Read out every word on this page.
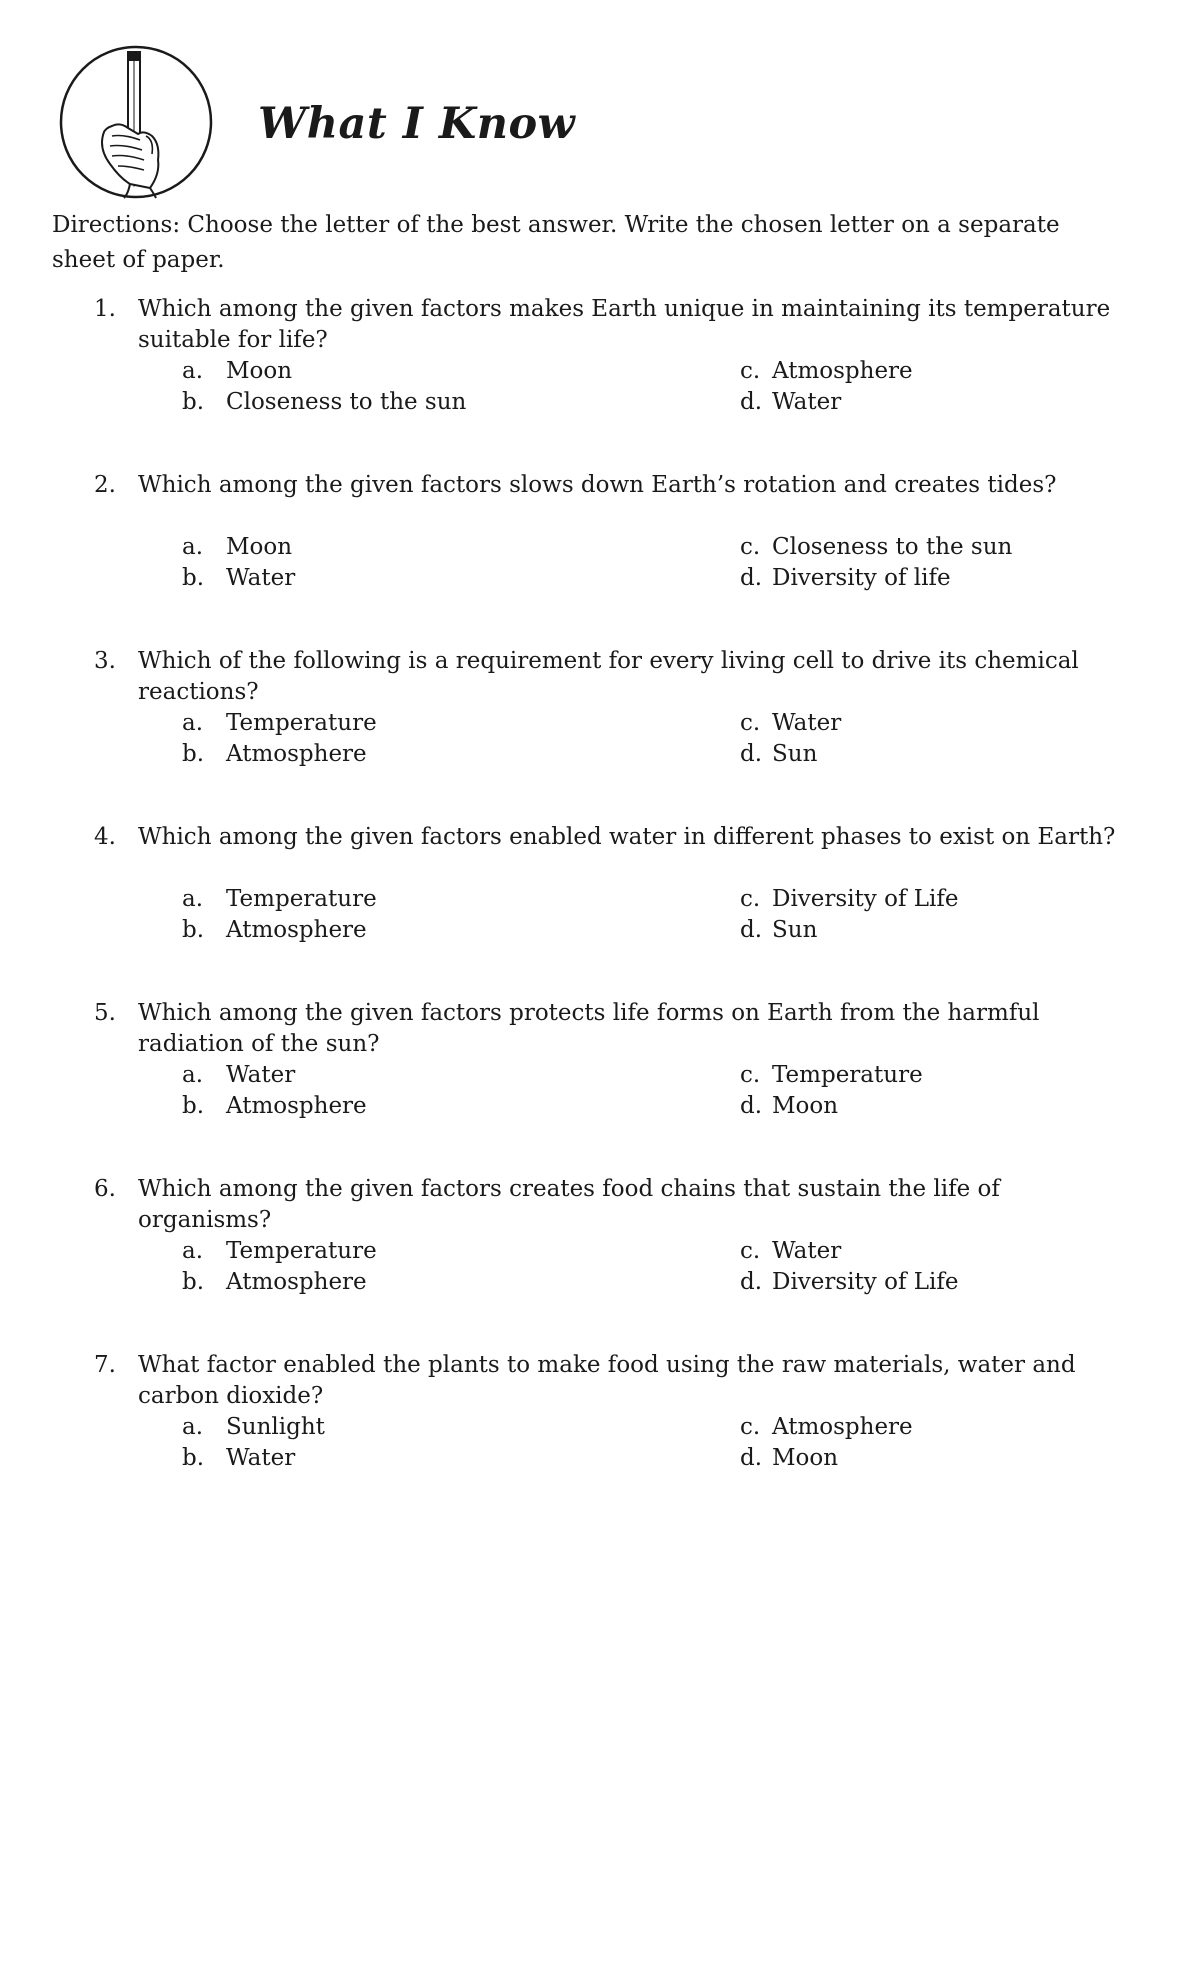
What I Know
Directions: Choose the letter of the best answer. Write the chosen letter on a separate sheet of paper.
1. Which among the given factors makes Earth unique in maintaining its temperature suitable for life?
a. Moon
b. Closeness to the sun
c. Atmosphere
d. Water
2. Which among the given factors slows down Earth’s rotation and creates tides?
a. Moon
b. Water
c. Closeness to the sun
d. Diversity of life
3. Which of the following is a requirement for every living cell to drive its chemical reactions?
a. Temperature
b. Atmosphere
c. Water
d. Sun
4. Which among the given factors enabled water in different phases to exist on Earth?
a. Temperature
b. Atmosphere
c. Diversity of Life
d. Sun
5. Which among the given factors protects life forms on Earth from the harmful radiation of the sun?
a. Water
b. Atmosphere
c. Temperature
d. Moon
6. Which among the given factors creates food chains that sustain the life of organisms?
a. Temperature
b. Atmosphere
c. Water
d. Diversity of Life
7. What factor enabled the plants to make food using the raw materials, water and carbon dioxide?
a. Sunlight
b. Water
c. Atmosphere
d. Moon
